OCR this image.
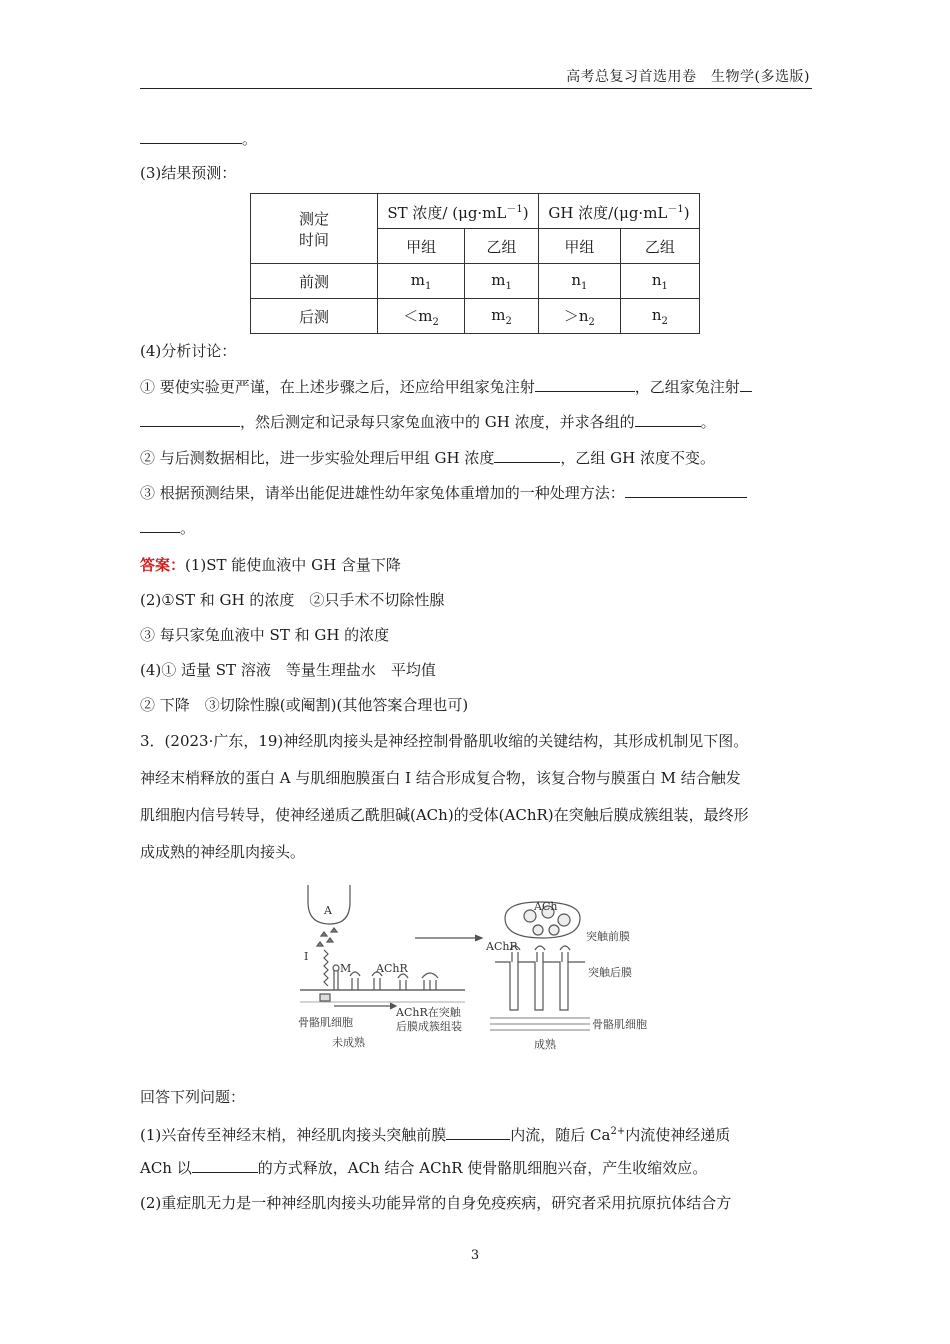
高考总复习首选用卷　生物学(多选版)
。
(3)结果预测：
测定
时间	ST 浓度/ $(\mu g\cdot mL^{-1})$		GH 浓度$/(\mu g\cdot mL^{-1})$	
	甲组	乙组	甲组	乙组
前测	$m_1$	$m_1$	$n_1$	$n_1$
后测	$<m_2$	$m_2$	$>n_2$	$n_2$
(4)分析讨论：
① 要使实验更严谨，在上述步骤之后，还应给甲组家兔注射	，乙组家兔注射
，然后测定和记录每只家兔血液中的 GH 浓度，并求各组的	。
② 与后测数据相比，进一步实验处理后甲组 GH 浓度	，乙组 GH 浓度不变。
③ 根据预测结果，请举出能促进雄性幼年家兔体重增加的一种处理方法：
。
答案：(1)ST 能使血液中 GH 含量下降
(2)①ST 和 GH 的浓度　②只手术不切除性腺
③ 每只家兔血液中 ST 和 GH 的浓度
(4)① 适量 ST 溶液　等量生理盐水　平均值
② 下降　③切除性腺(或阉割)(其他答案合理也可)
3．(2023·广东，19)神经肌肉接头是神经控制骨骼肌收缩的关键结构，其形成机制见下图。
神经末梢释放的蛋白 A 与肌细胞膜蛋白 I 结合形成复合物，该复合物与膜蛋白 M 结合触发
肌细胞内信号转导，使神经递质乙酰胆碱(ACh)的受体(AChR)在突触后膜成簇组装，最终形
成成熟的神经肌肉接头。
A
Ⅰ
M AChR
AChR在突触
后膜成簇组装
骨骼肌细胞
未成熟
ACh
AChR
突触前膜
突触后膜
骨骼肌细胞
成熟
回答下列问题：
(1)兴奋传至神经末梢，神经肌肉接头突触前膜	内流，随后 $Ca^{2+}$内流使神经递质
ACh 以	的方式释放，ACh 结合 AChR 使骨骼肌细胞兴奋，产生收缩效应。
(2)重症肌无力是一种神经肌肉接头功能异常的自身免疫疾病，研究者采用抗原抗体结合方
3
